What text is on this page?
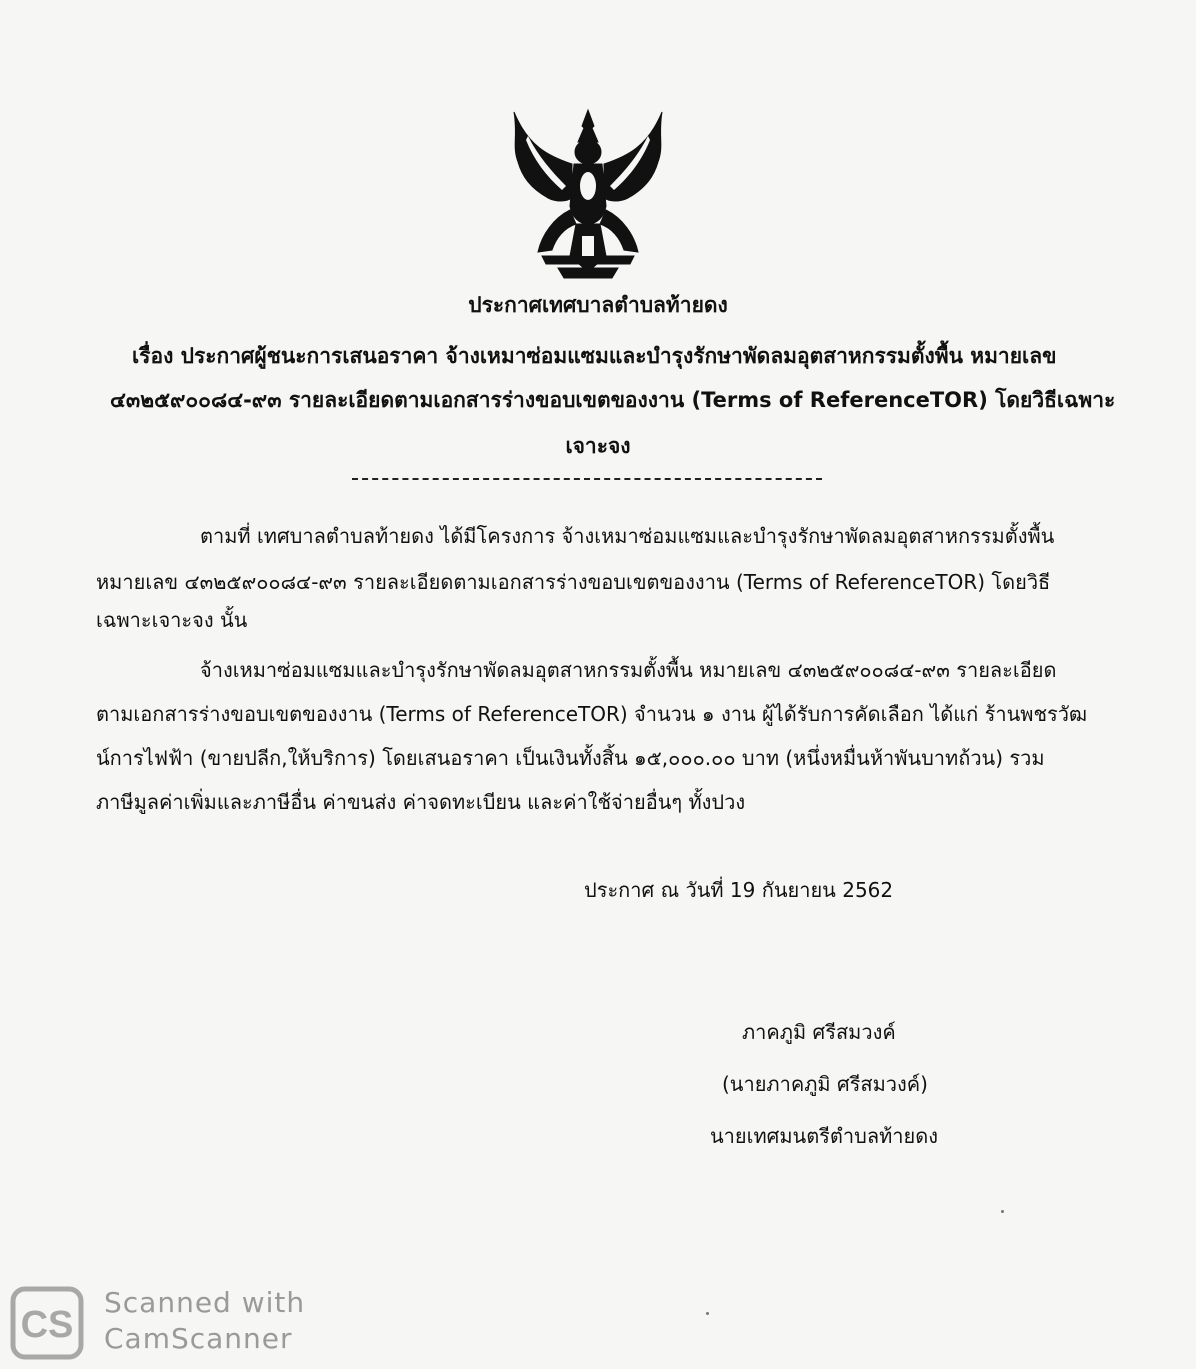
ประกาศเทศบาลตำบลท้ายดง
เรื่อง ประกาศผู้ชนะการเสนอราคา จ้างเหมาซ่อมแซมและบำรุงรักษาพัดลมอุตสาหกรรมตั้งพื้น หมายเลข
๔๓๒๕๙๐๐๘๔-๙๓ รายละเอียดตามเอกสารร่างขอบเขตของงาน (Terms of ReferenceTOR) โดยวิธีเฉพาะ
เจาะจง
ตามที่ เทศบาลตำบลท้ายดง ได้มีโครงการ จ้างเหมาซ่อมแซมและบำรุงรักษาพัดลมอุตสาหกรรมตั้งพื้น
หมายเลข ๔๓๒๕๙๐๐๘๔-๙๓ รายละเอียดตามเอกสารร่างขอบเขตของงาน (Terms of ReferenceTOR) โดยวิธี
เฉพาะเจาะจง นั้น
จ้างเหมาซ่อมแซมและบำรุงรักษาพัดลมอุตสาหกรรมตั้งพื้น หมายเลข ๔๓๒๕๙๐๐๘๔-๙๓ รายละเอียด
ตามเอกสารร่างขอบเขตของงาน (Terms of ReferenceTOR) จำนวน ๑ งาน ผู้ได้รับการคัดเลือก ได้แก่ ร้านพชรวัฒ
น์การไฟฟ้า (ขายปลีก,ให้บริการ) โดยเสนอราคา เป็นเงินทั้งสิ้น ๑๕,๐๐๐.๐๐ บาท (หนึ่งหมื่นห้าพันบาทถ้วน) รวม
ภาษีมูลค่าเพิ่มและภาษีอื่น ค่าขนส่ง ค่าจดทะเบียน และค่าใช้จ่ายอื่นๆ ทั้งปวง
ประกาศ ณ วันที่ 19 กันยายน 2562
ภาคภูมิ ศรีสมวงค์
(นายภาคภูมิ ศรีสมวงค์)
นายเทศมนตรีตำบลท้ายดง
CS
Scanned with
CamScanner
